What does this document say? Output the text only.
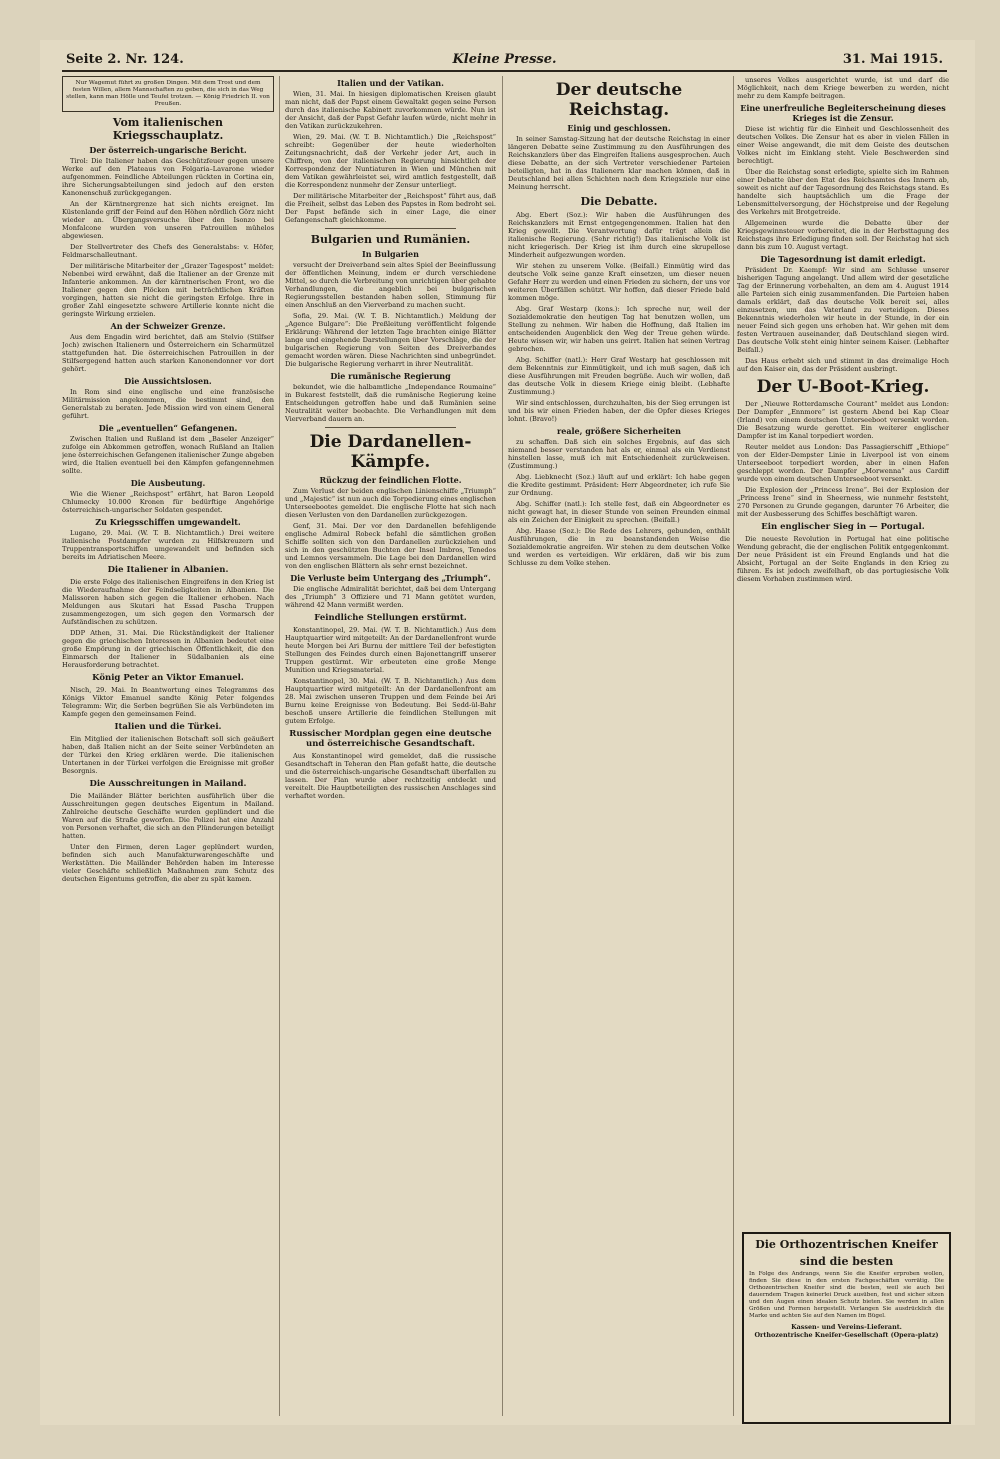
Seite 2. Nr. 124.	Kleine Presse.	31. Mai 1915.
Nur Wagemut führt zu großen Dingen. Mit dem Trost und dem festen Willen, allem Mannschaften zu geben, die sich in das Weg stellen, kann man Hölle und Teufel trotzen. — König Friedrich II. von Preußen.
Vom italienischen Kriegsschauplatz.
Der österreich-ungarische Bericht.

Tirol: Die Italiener haben das Geschützfeuer gegen unsere Werke auf den Plateaus von Folgaria–Lavarone wieder aufgenommen. Feindliche Abteilungen rückten in Cortina ein, ihre Sicherungsabteilungen sind jedoch auf den ersten Kanonenschuß zurückgegangen.

An der Kärntnergrenze hat sich nichts ereignet. Im Küstenlande griff der Feind auf den Höhen nördlich Görz nicht wieder an. Übergangsversuche über den Isonzo bei Monfalcone wurden von unseren Patrouillen mühelos abgewiesen.

Der Stellvertreter des Chefs des Generalstabs: v. Höfer, Feldmarschalleutnant.

Der militärische Mitarbeiter der „Grazer Tagespost“ meldet: Nebenbei wird erwähnt, daß die Italiener an der Grenze mit Infanterie ankommen. An der kärntnerischen Front, wo die Italiener gegen den Plöcken mit beträchtlichen Kräften vorgingen, hatten sie nicht die geringsten Erfolge. Ihre in großer Zahl eingesetzte schwere Artillerie konnte nicht die geringste Wirkung erzielen.

An der Schweizer Grenze.

Aus dem Engadin wird berichtet, daß am Stelvio (Stilfser Joch) zwischen Italienern und Österreichern ein Scharmützel stattgefunden hat. Die österreichischen Patrouillen in der Stilfsergegend hatten auch starken Kanonendonner vor dort gehört.

Die Aussichtslosen.

In Rom sind eine englische und eine französische Militärmission angekommen, die bestimmt sind, den Generalstab zu beraten. Jede Mission wird von einem General geführt.

Die „eventuellen“ Gefangenen.

Zwischen Italien und Rußland ist dem „Baseler Anzeiger“ zufolge ein Abkommen getroffen, wonach Rußland an Italien jene österreichischen Gefangenen italienischer Zunge abgeben wird, die Italien eventuell bei den Kämpfen gefangennehmen sollte.

Die Ausbeutung.

Wie die Wiener „Reichspost“ erfährt, hat Baron Leopold Chlumecky 10.000 Kronen für bedürftige Angehörige österreichisch-ungarischer Soldaten gespendet.

Zu Kriegsschiffen umgewandelt.

Lugano, 29. Mai. (W. T. B. Nichtamtlich.) Drei weitere italienische Postdampfer wurden zu Hilfskreuzern und Truppentransportschiffen umgewandelt und befinden sich bereits im Adriatischen Meere.

Die Italiener in Albanien.

Die erste Folge des italienischen Eingreifens in den Krieg ist die Wiederaufnahme der Feindseligkeiten in Albanien. Die Malissoren haben sich gegen die Italiener erhoben. Nach Meldungen aus Skutari hat Essad Pascha Truppen zusammengezogen, um sich gegen den Vormarsch der Aufständischen zu schützen.

DDP Athen, 31. Mai. Die Rückständigkeit der Italiener gegen die griechischen Interessen in Albanien bedeutet eine große Empörung in der griechischen Öffentlichkeit, die den Einmarsch der Italiener in Südalbanien als eine Herausforderung betrachtet.

König Peter an Viktor Emanuel.

Nisch, 29. Mai. In Beantwortung eines Telegramms des Königs Viktor Emanuel sandte König Peter folgendes Telegramm: Wir, die Serben begrüßen Sie als Verbündeten im Kampfe gegen den gemeinsamen Feind.

Italien und die Türkei.

Ein Mitglied der italienischen Botschaft soll sich geäußert haben, daß Italien nicht an der Seite seiner Verbündeten an der Türkei den Krieg erklären werde. Die italienischen Untertanen in der Türkei verfolgen die Ereignisse mit großer Besorgnis.

Die Ausschreitungen in Mailand.

Die Mailänder Blätter berichten ausführlich über die Ausschreitungen gegen deutsches Eigentum in Mailand. Zahlreiche deutsche Geschäfte wurden geplündert und die Waren auf die Straße geworfen. Die Polizei hat eine Anzahl von Personen verhaftet, die sich an den Plünderungen beteiligt hatten.

Unter den Firmen, deren Lager geplündert wurden, befinden sich auch Manufakturwarengeschäfte und Werkstätten. Die Mailänder Behörden haben im Interesse vieler Geschäfte schließlich Maßnahmen zum Schutz des deutschen Eigentums getroffen, die aber zu spät kamen.

Italien und der Vatikan.

Wien, 31. Mai. In hiesigen diplomatischen Kreisen glaubt man nicht, daß der Papst einem Gewaltakt gegen seine Person durch das italienische Kabinett zuvorkommen würde. Nun ist der Ansicht, daß der Papst Gefahr laufen würde, nicht mehr in den Vatikan zurückzukehren.

Wien, 29. Mai. (W. T. B. Nichtamtlich.) Die „Reichspost“ schreibt: Gegenüber der heute wiederholten Zeitungsnachricht, daß der Verkehr jeder Art, auch in Chiffren, von der italienischen Regierung hinsichtlich der Korrespondenz der Nuntiaturen in Wien und München mit dem Vatikan gewährleistet sei, wird amtlich festgestellt, daß die Korrespondenz nunmehr der Zensur unterliegt.

Der militärische Mitarbeiter der „Reichspost“ führt aus, daß die Freiheit, selbst das Leben des Papstes in Rom bedroht sei. Der Papst befände sich in einer Lage, die einer Gefangenschaft gleichkomme.

Bulgarien und Rumänien.
In Bulgarien

versucht der Dreiverband sein altes Spiel der Beeinflussung der öffentlichen Meinung, indem er durch verschiedene Mittel, so durch die Verbreitung von unrichtigen über gehabte Verhandlungen, die angeblich bei bulgarischen Regierungsstellen bestanden haben sollen, Stimmung für einen Anschluß an den Vierverband zu machen sucht.

Sofia, 29. Mai. (W. T. B. Nichtamtlich.) Meldung der „Agence Bulgare“: Die Preßleitung veröffentlicht folgende Erklärung: Während der letzten Tage brachten einige Blätter lange und eingehende Darstellungen über Vorschläge, die der bulgarischen Regierung von Seiten des Dreiverbandes gemacht worden wären. Diese Nachrichten sind unbegründet. Die bulgarische Regierung verharrt in ihrer Neutralität.

Die rumänische Regierung

bekundet, wie die halbamtliche „Independance Roumaine“ in Bukarest feststellt, daß die rumänische Regierung keine Entscheidungen getroffen habe und daß Rumänien seine Neutralität weiter beobachte. Die Verhandlungen mit dem Vierverband dauern an.

Die Dardanellen-Kämpfe.
Rückzug der feindlichen Flotte.

Zum Verlust der beiden englischen Linienschiffe „Triumph“ und „Majestic“ ist nun auch die Torpedierung eines englischen Unterseebootes gemeldet. Die englische Flotte hat sich nach diesen Verlusten von den Dardanellen zurückgezogen.

Genf, 31. Mai. Der vor den Dardanellen befehligende englische Admiral Robeck befahl die sämtlichen großen Schiffe sollten sich von den Dardanellen zurückziehen und sich in den geschützten Buchten der Insel Imbros, Tenedos und Lemnos versammeln. Die Lage bei den Dardanellen wird von den englischen Blättern als sehr ernst bezeichnet.

Die Verluste beim Untergang des „Triumph“.

Die englische Admiralität berichtet, daß bei dem Untergang des „Triumph“ 3 Offiziere und 71 Mann getötet wurden, während 42 Mann vermißt werden.

Feindliche Stellungen erstürmt.

Konstantinopel, 29. Mai. (W. T. B. Nichtamtlich.) Aus dem Hauptquartier wird mitgeteilt: An der Dardanellenfront wurde heute Morgen bei Ari Burnu der mittlere Teil der befestigten Stellungen des Feindes durch einen Bajonettangriff unserer Truppen gestürmt. Wir erbeuteten eine große Menge Munition und Kriegsmaterial.

Konstantinopel, 30. Mai. (W. T. B. Nichtamtlich.) Aus dem Hauptquartier wird mitgeteilt: An der Dardanellenfront am 28. Mai zwischen unseren Truppen und dem Feinde bei Ari Burnu keine Ereignisse von Bedeutung. Bei Sedd-ül-Bahr beschoß unsere Artillerie die feindlichen Stellungen mit gutem Erfolge.

Russischer Mordplan gegen eine deutsche und österreichische Gesandtschaft.

Aus Konstantinopel wird gemeldet, daß die russische Gesandtschaft in Teheran den Plan gefaßt hatte, die deutsche und die österreichisch-ungarische Gesandtschaft überfallen zu lassen. Der Plan wurde aber rechtzeitig entdeckt und vereitelt. Die Hauptbeteiligten des russischen Anschlages sind verhaftet worden.

Der deutsche Reichstag.
Einig und geschlossen.

In seiner Samstag-Sitzung hat der deutsche Reichstag in einer längeren Debatte seine Zustimmung zu den Ausführungen des Reichskanzlers über das Eingreifen Italiens ausgesprochen. Auch diese Debatte, an der sich Vertreter verschiedener Parteien beteiligten, hat in das Italienern klar machen können, daß in Deutschland bei allen Schichten nach dem Kriegsziele nur eine Meinung herrscht.

Die Debatte.

Abg. Ebert (Soz.): Wir haben die Ausführungen des Reichskanzlers mit Ernst entgegengenommen. Italien hat den Krieg gewollt. Die Verantwortung dafür trägt allein die italienische Regierung. (Sehr richtig!) Das italienische Volk ist nicht kriegerisch. Der Krieg ist ihm durch eine skrupellose Minderheit aufgezwungen worden.

Wir stehen zu unserem Volke. (Beifall.) Einmütig wird das deutsche Volk seine ganze Kraft einsetzen, um dieser neuen Gefahr Herr zu werden und einen Frieden zu sichern, der uns vor weiteren Überfällen schützt. Wir hoffen, daß dieser Friede bald kommen möge.

Abg. Graf Westarp (kons.): Ich spreche nur, weil der Sozialdemokratie den heutigen Tag hat benutzen wollen, um Stellung zu nehmen. Wir haben die Hoffnung, daß Italien im entscheidenden Augenblick den Weg der Treue gehen würde. Heute wissen wir, wir haben uns geirrt. Italien hat seinen Vertrag gebrochen.

Abg. Schiffer (natl.): Herr Graf Westarp hat geschlossen mit dem Bekenntnis zur Einmütigkeit, und ich muß sagen, daß ich diese Ausführungen mit Freuden begrüße. Auch wir wollen, daß das deutsche Volk in diesem Kriege einig bleibt. (Lebhafte Zustimmung.)

Wir sind entschlossen, durchzuhalten, bis der Sieg errungen ist und bis wir einen Frieden haben, der die Opfer dieses Krieges lohnt. (Bravo!)

reale, größere Sicherheiten

zu schaffen. Daß sich ein solches Ergebnis, auf das sich niemand besser verstanden hat als er, einmal als ein Verdienst hinstellen lasse, muß ich mit Entschiedenheit zurückweisen. (Zustimmung.)

Abg. Liebknecht (Soz.) läuft auf und erklärt: Ich habe gegen die Kredite gestimmt. Präsident: Herr Abgeordneter, ich rufe Sie zur Ordnung.

Abg. Schiffer (natl.): Ich stelle fest, daß ein Abgeordneter es nicht gewagt hat, in dieser Stunde von seinen Freunden einmal als ein Zeichen der Einigkeit zu sprechen. (Beifall.)

Abg. Haase (Soz.): Die Rede des Lehrers, gebunden, enthält Ausführungen, die in zu beanstandenden Weise die Sozialdemokratie angreifen. Wir stehen zu dem deutschen Volke und werden es verteidigen. Wir erklären, daß wir bis zum Schlusse zu dem Volke stehen.

unseres Volkes ausgerichtet wurde, ist und darf die Möglichkeit, nach dem Kriege bewerben zu werden, nicht mehr zu dem Kampfe beitragen.

Eine unerfreuliche Begleiterscheinung dieses Krieges ist die Zensur.

Diese ist wichtig für die Einheit und Geschlossenheit des deutschen Volkes. Die Zensur hat es aber in vielen Fällen in einer Weise angewandt, die mit dem Geiste des deutschen Volkes nicht im Einklang steht. Viele Beschwerden sind berechtigt.

Über die Reichstag sonst erledigte, spielte sich im Rahmen einer Debatte über den Etat des Reichsamtes des Innern ab, soweit es nicht auf der Tagesordnung des Reichstags stand. Es handelte sich hauptsächlich um die Frage der Lebensmittelversorgung, der Höchstpreise und der Regelung des Verkehrs mit Brotgetreide.

Allgemeinen wurde die Debatte über der Kriegsgewinnsteuer vorbereitet, die in der Herbsttagung des Reichstags ihre Erledigung finden soll. Der Reichstag hat sich dann bis zum 10. August vertagt.

Die Tagesordnung ist damit erledigt.

Präsident Dr. Kaempf: Wir sind am Schlusse unserer bisherigen Tagung angelangt. Und allem wird der gesetzliche Tag der Erinnerung vorbehalten, an dem am 4. August 1914 alle Parteien sich einig zusammenfanden. Die Parteien haben damals erklärt, daß das deutsche Volk bereit sei, alles einzusetzen, um das Vaterland zu verteidigen. Dieses Bekenntnis wiederholen wir heute in der Stunde, in der ein neuer Feind sich gegen uns erhoben hat. Wir gehen mit dem festen Vertrauen auseinander, daß Deutschland siegen wird. Das deutsche Volk steht einig hinter seinem Kaiser. (Lebhafter Beifall.)

Das Haus erhebt sich und stimmt in das dreimalige Hoch auf den Kaiser ein, das der Präsident ausbringt.

Der U-Boot-Krieg.

Der „Nieuwe Rotterdamsche Courant“ meldet aus London: Der Dampfer „Ennmore“ ist gestern Abend bei Kap Clear (Irland) von einem deutschen Unterseeboot versenkt worden. Die Besatzung wurde gerettet. Ein weiterer englischer Dampfer ist im Kanal torpediert worden.

Reuter meldet aus London: Das Passagierschiff „Ethiope“ von der Elder-Dempster Linie in Liverpool ist von einem Unterseeboot torpediert worden, aber in einen Hafen geschleppt worden. Der Dampfer „Morwenna“ aus Cardiff wurde von einem deutschen Unterseeboot versenkt.

Die Explosion der „Princess Irene“. Bei der Explosion der „Princess Irene“ sind in Sheerness, wie nunmehr feststeht, 270 Personen zu Grunde gegangen, darunter 76 Arbeiter, die mit der Ausbesserung des Schiffes beschäftigt waren.

Ein englischer Sieg in — Portugal.

Die neueste Revolution in Portugal hat eine politische Wendung gebracht, die der englischen Politik entgegenkommt. Der neue Präsident ist ein Freund Englands und hat die Absicht, Portugal an der Seite Englands in den Krieg zu führen. Es ist jedoch zweifelhaft, ob das portugiesische Volk diesem Vorhaben zustimmen wird.

Die Orthozentrischen Kneifer
sind die besten
In Folge des Andrangs, wenn Sie die Kneifer erproben wollen, finden Sie diese in den ersten Fachgeschäften vorrätig. Die Orthozentrischen Kneifer sind die besten, weil sie auch bei dauerndem Tragen keinerlei Druck ausüben, fest und sicher sitzen und den Augen einen idealen Schutz bieten. Sie werden in allen Größen und Formen hergestellt. Verlangen Sie ausdrücklich die Marke und achten Sie auf den Namen im Bügel.
Kassen- und Vereins-Lieferant.
Orthozentrische Kneifer-Gesellschaft (Opera-platz)
